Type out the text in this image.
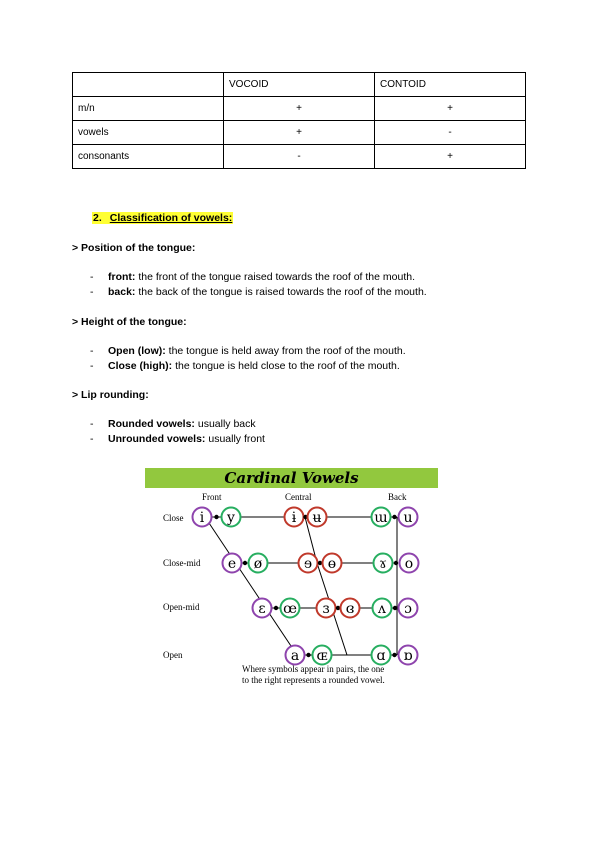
	VOCOID	CONTOID
m/n	+	+
vowels	+	-
consonants	-	+
2. Classification of vowels:
> Position of the tongue:
- front: the front of the tongue raised towards the roof of the mouth.
- back: the back of the tongue is raised towards the roof of the mouth.
> Height of the tongue:
- Open (low): the tongue is held away from the roof of the mouth.
- Close (high): the tongue is held close to the roof of the mouth.
> Lip rounding:
- Rounded vowels: usually back
- Unrounded vowels: usually front
Cardinal Vowels
Front	Central	Back
Close
Close-mid
Open-mid
Open
i y	ɨ ʉ	ɯ u
e ø	ɘ ɵ	ɤ o
ɛ œ ɜ ɞ ʌ ɔ
a ɶ	ɑ ɒ
Where symbols appear in pairs, the one
to the right represents a rounded vowel.
